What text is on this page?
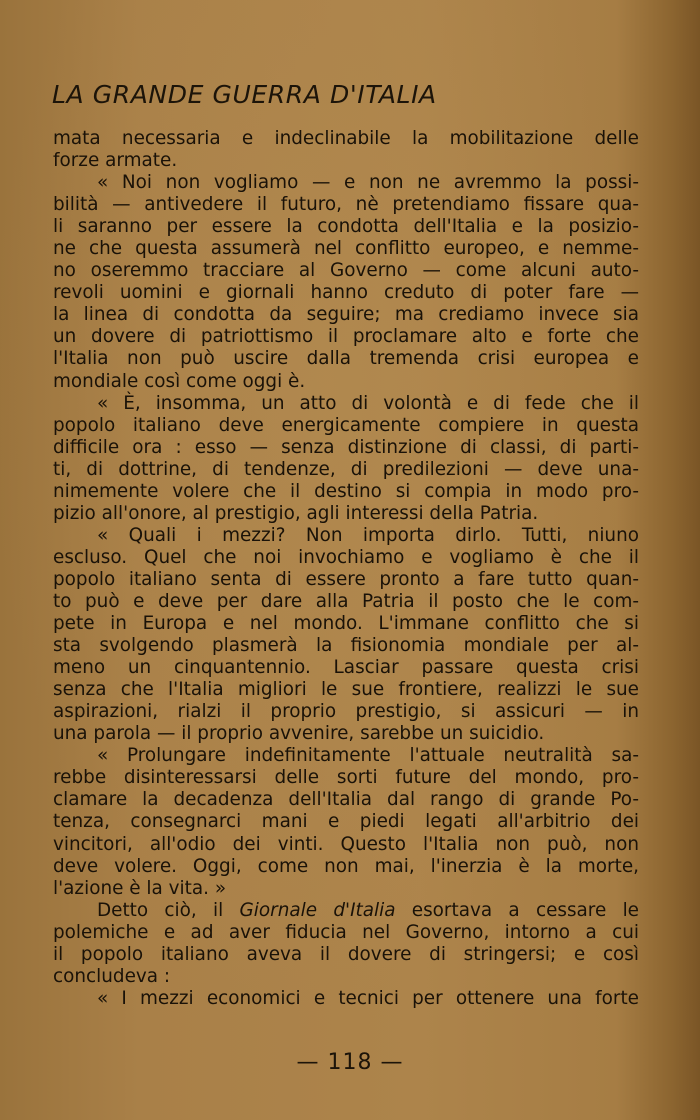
LA GRANDE GUERRA D'ITALIA
mata necessaria e indeclinabile la mobilitazione delle
forze armate.
« Noi non vogliamo — e non ne avremmo la possi-
bilità — antivedere il futuro, nè pretendiamo fissare qua-
li saranno per essere la condotta dell'Italia e la posizio-
ne che questa assumerà nel conflitto europeo, e nemme-
no oseremmo tracciare al Governo — come alcuni auto-
revoli uomini e giornali hanno creduto di poter fare —
la linea di condotta da seguire; ma crediamo invece sia
un dovere di patriottismo il proclamare alto e forte che
l'Italia non può uscire dalla tremenda crisi europea e
mondiale così come oggi è.
« È, insomma, un atto di volontà e di fede che il
popolo italiano deve energicamente compiere in questa
difficile ora : esso — senza distinzione di classi, di parti-
ti, di dottrine, di tendenze, di predilezioni — deve una-
nimemente volere che il destino si compia in modo pro-
pizio all'onore, al prestigio, agli interessi della Patria.
« Quali i mezzi? Non importa dirlo. Tutti, niuno
escluso. Quel che noi invochiamo e vogliamo è che il
popolo italiano senta di essere pronto a fare tutto quan-
to può e deve per dare alla Patria il posto che le com-
pete in Europa e nel mondo. L'immane conflitto che si
sta svolgendo plasmerà la fisionomia mondiale per al-
meno un cinquantennio. Lasciar passare questa crisi
senza che l'Italia migliori le sue frontiere, realizzi le sue
aspirazioni, rialzi il proprio prestigio, si assicuri — in
una parola — il proprio avvenire, sarebbe un suicidio.
« Prolungare indefinitamente l'attuale neutralità sa-
rebbe disinteressarsi delle sorti future del mondo, pro-
clamare la decadenza dell'Italia dal rango di grande Po-
tenza, consegnarci mani e piedi legati all'arbitrio dei
vincitori, all'odio dei vinti. Questo l'Italia non può, non
deve volere. Oggi, come non mai, l'inerzia è la morte,
l'azione è la vita. »
Detto ciò, il Giornale d'Italia esortava a cessare le
polemiche e ad aver fiducia nel Governo, intorno a cui
il popolo italiano aveva il dovere di stringersi; e così
concludeva :
« I mezzi economici e tecnici per ottenere una forte
— 118 —
